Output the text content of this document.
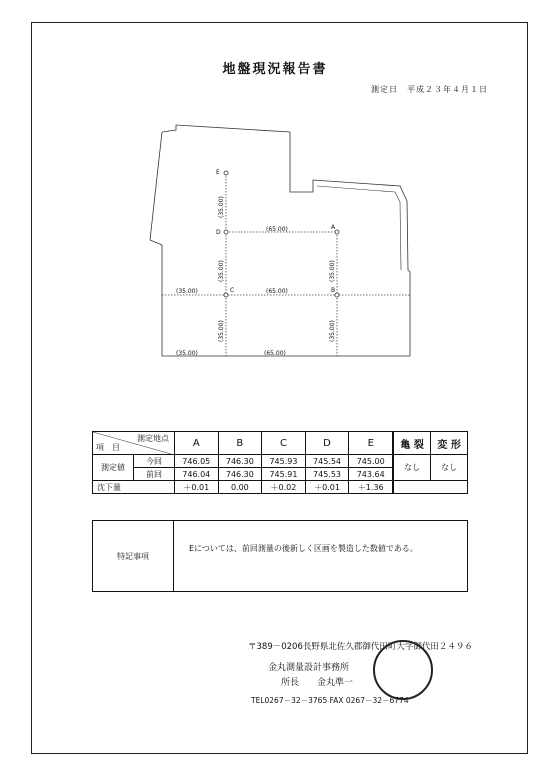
地盤現況報告書
測定日　平成２３年４月１日
E
D
A
C	B
(65.00)
(65.00)
(65.00)
(35.00)
(35.00)
(35.00)
(35.00)
(35.00)
(35.00)
(35.00)
測定地点
項　目		A	B	C	D	E	亀 裂	変 形
測定値	今回	746.05	746.30	745.93	745.54	745.00	なし	なし
	前回	746.04	746.30	745.91	745.53	743.64		
沈下量		＋0.01	0.00	＋0.02	＋0.01	＋1.36		
特記事項
Eについては、前回測量の後新しく区画を製造した数値である。
〒389－0206長野県北佐久郡御代田町大字御代田２４９６
金丸測量設計事務所
所長　　金丸準一
TEL0267－32－3765 FAX 0267－32－6774
